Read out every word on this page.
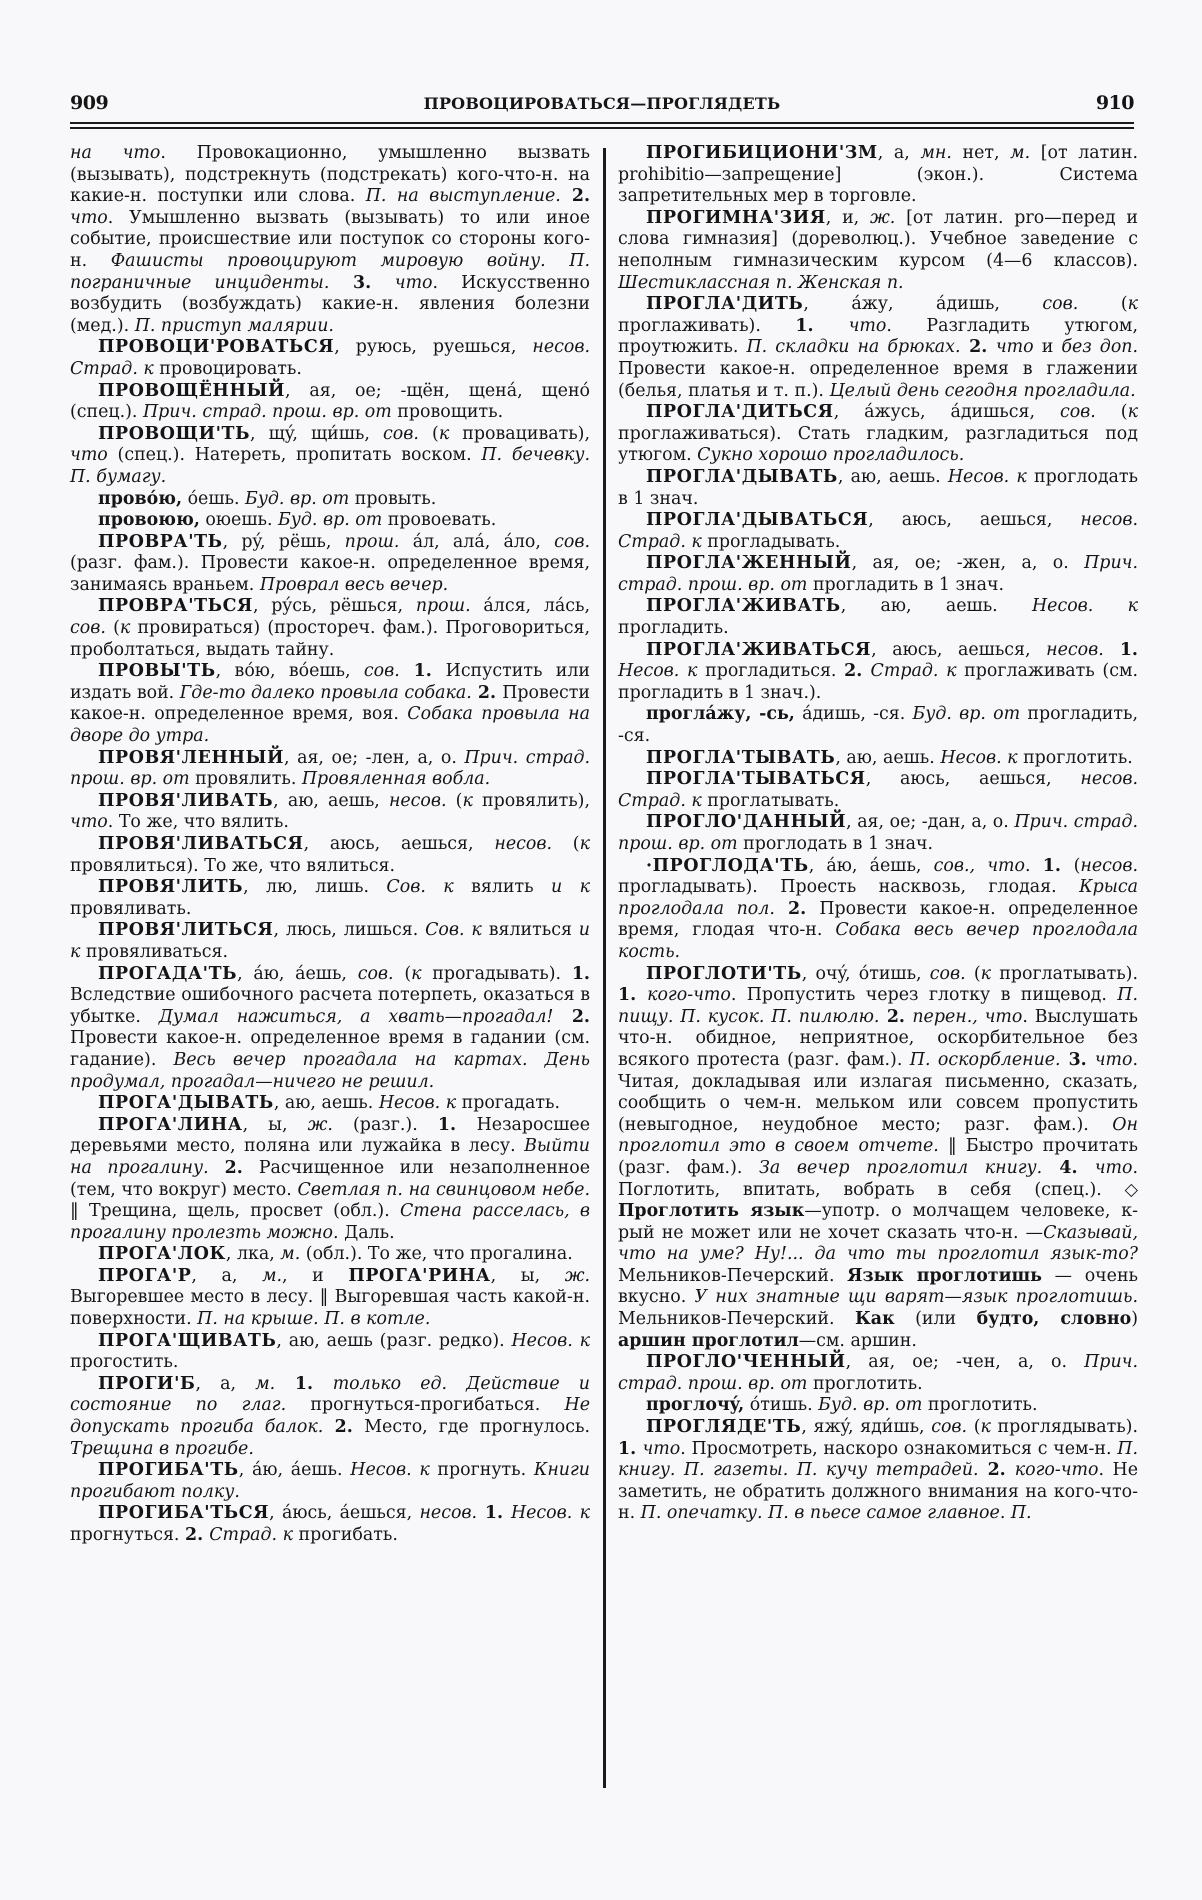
909	ПРОВОЦИРОВАТЬСЯ—ПРОГЛЯДЕТЬ	910

на что. Провокационно, умышленно вызвать (вызывать), подстрекнуть (подстрекать) кого-что-н. на какие-н. поступки или слова. П. на выступление. 2. что. Умышленно вызвать (вызывать) то или иное событие, происшествие или поступок со стороны кого-н. Фашисты провоцируют мировую войну. П. пограничные инциденты. 3. что. Искусственно возбудить (возбуждать) какие-н. явления болезни (мед.). П. приступ малярии.

ПРОВОЦИ'РОВАТЬСЯ, руюсь, руешься, несов. Страд. к провоцировать.

ПРОВОЩЁННЫЙ, ая, ое; -щён, щенá, щенó (спец.). Прич. страд. прош. вр. от провощить.

ПРОВОЩИ'ТЬ, щý, щи́шь, сов. (к провацивать), что (спец.). Натереть, пропитать воском. П. бечевку. П. бумагу.

провóю, óешь. Буд. вр. от провыть.

провоюю, оюешь. Буд. вр. от провоевать.

ПРОВРА'ТЬ, рý, рёшь, прош. áл, алá, áло, сов. (разг. фам.). Провести какое-н. определенное время, занимаясь враньем. Проврал весь вечер.

ПРОВРА'ТЬСЯ, рýсь, рёшься, прош. áлся, лáсь, сов. (к провираться) (простореч. фам.). Проговориться, проболтаться, выдать тайну.

ПРОВЫ'ТЬ, вóю, вóешь, сов. 1. Испустить или издать вой. Где-то далеко провыла собака. 2. Провести какое-н. определенное время, воя. Собака провыла на дворе до утра.

ПРОВЯ'ЛЕННЫЙ, ая, ое; -лен, а, о. Прич. страд. прош. вр. от провялить. Провяленная вобла.

ПРОВЯ'ЛИВАТЬ, аю, аешь, несов. (к провялить), что. То же, что вялить.

ПРОВЯ'ЛИВАТЬСЯ, аюсь, аешься, несов. (к провялиться). То же, что вялиться.

ПРОВЯ'ЛИТЬ, лю, лишь. Сов. к вялить и к провяливать.

ПРОВЯ'ЛИТЬСЯ, люсь, лишься. Сов. к вялиться и к провяливаться.

ПРОГАДА'ТЬ, áю, áешь, сов. (к прогадывать). 1. Вследствие ошибочного расчета потерпеть, оказаться в убытке. Думал нажиться, а хвать—прогадал! 2. Провести какое-н. определенное время в гадании (см. гадание). Весь вечер прогадала на картах. День продумал, прогадал—ничего не решил.

ПРОГА'ДЫВАТЬ, аю, аешь. Несов. к прогадать.

ПРОГА'ЛИНА, ы, ж. (разг.). 1. Незаросшее деревьями место, поляна или лужайка в лесу. Выйти на прогалину. 2. Расчищенное или незаполненное (тем, что вокруг) место. Светлая п. на свинцовом небе. ‖ Трещина, щель, просвет (обл.). Стена расселась, в прогалину пролезть можно. Даль.

ПРОГА'ЛОК, лка, м. (обл.). То же, что прогалина.

ПРОГА'Р, а, м., и ПРОГА'РИНА, ы, ж. Выгоревшее место в лесу. ‖ Выгоревшая часть какой-н. поверхности. П. на крыше. П. в котле.

ПРОГА'ЩИВАТЬ, аю, аешь (разг. редко). Несов. к прогостить.

ПРОГИ'Б, а, м. 1. только ед. Действие и состояние по глаг. прогнуться-прогибаться. Не допускать прогиба балок. 2. Место, где прогнулось. Трещина в прогибе.

ПРОГИБА'ТЬ, áю, áешь. Несов. к прогнуть. Книги прогибают полку.

ПРОГИБА'ТЬСЯ, áюсь, áешься, несов. 1. Несов. к прогнуться. 2. Страд. к прогибать.

ПРОГИБИЦИОНИ'ЗМ, а, мн. нет, м. [от латин. prohibitio—запрещение] (экон.). Система запретительных мер в торговле.

ПРОГИМНА'ЗИЯ, и, ж. [от латин. pro—перед и слова гимназия] (дореволюц.). Учебное заведение с неполным гимназическим курсом (4—6 классов). Шестиклассная п. Женская п.

ПРОГЛА'ДИТЬ, áжу, áдишь, сов. (к проглаживать). 1. что. Разгладить утюгом, проутюжить. П. складки на брюках. 2. что и без доп. Провести какое-н. определенное время в глажении (белья, платья и т. п.). Целый день сегодня прогладила.

ПРОГЛА'ДИТЬСЯ, áжусь, áдишься, сов. (к проглаживаться). Стать гладким, разгладиться под утюгом. Сукно хорошо прогладилось.

ПРОГЛА'ДЫВАТЬ, аю, аешь. Несов. к проглодать в 1 знач.

ПРОГЛА'ДЫВАТЬСЯ, аюсь, аешься, несов. Страд. к прогладывать.

ПРОГЛА'ЖЕННЫЙ, ая, ое; -жен, а, о. Прич. страд. прош. вр. от прогладить в 1 знач.

ПРОГЛА'ЖИВАТЬ, аю, аешь. Несов. к прогладить.

ПРОГЛА'ЖИВАТЬСЯ, аюсь, аешься, несов. 1. Несов. к прогладиться. 2. Страд. к проглаживать (см. прогладить в 1 знач.).

проглáжу, -сь, áдишь, -ся. Буд. вр. от прогладить, -ся.

ПРОГЛА'ТЫВАТЬ, аю, аешь. Несов. к проглотить.

ПРОГЛА'ТЫВАТЬСЯ, аюсь, аешься, несов. Страд. к проглатывать.

ПРОГЛО'ДАННЫЙ, ая, ое; -дан, а, о. Прич. страд. прош. вр. от проглодать в 1 знач.

·ПРОГЛОДА'ТЬ, áю, áешь, сов., что. 1. (несов. прогладывать). Проесть насквозь, глодая. Крыса проглодала пол. 2. Провести какое-н. определенное время, глодая что-н. Собака весь вечер проглодала кость.

ПРОГЛОТИ'ТЬ, очý, óтишь, сов. (к проглатывать). 1. кого-что. Пропустить через глотку в пищевод. П. пищу. П. кусок. П. пилюлю. 2. перен., что. Выслушать что-н. обидное, неприятное, оскорбительное без всякого протеста (разг. фам.). П. оскорбление. 3. что. Читая, докладывая или излагая письменно, сказать, сообщить о чем-н. мельком или совсем пропустить (невыгодное, неудобное место; разг. фам.). Он проглотил это в своем отчете. ‖ Быстро прочитать (разг. фам.). За вечер проглотил книгу. 4. что. Поглотить, впитать, вобрать в себя (спец.). ◇ Проглотить язык—употр. о молчащем человеке, к-рый не может или не хочет сказать что-н. —Сказывай, что на уме? Ну!... да что ты проглотил язык-то? Мельников-Печерский. Язык проглотишь — очень вкусно. У них знатные щи варят—язык проглотишь. Мельников-Печерский. Как (или будто, словно) аршин проглотил—см. аршин.

ПРОГЛО'ЧЕННЫЙ, ая, ое; -чен, а, о. Прич. страд. прош. вр. от проглотить.

проглочý, óтишь. Буд. вр. от проглотить.

ПРОГЛЯДЕ'ТЬ, яжý, яди́шь, сов. (к проглядывать). 1. что. Просмотреть, наскоро ознакомиться с чем-н. П. книгу. П. газеты. П. кучу тетрадей. 2. кого-что. Не заметить, не обратить должного внимания на кого-что-н. П. опечатку. П. в пьесе самое главное. П.
